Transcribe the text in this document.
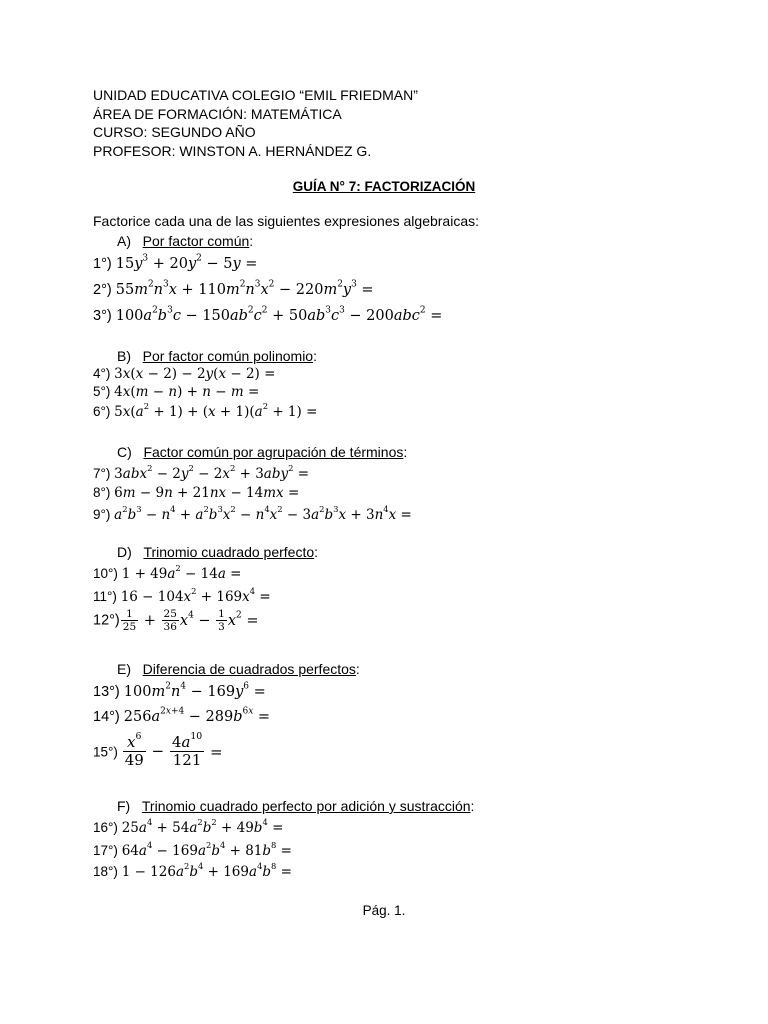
UNIDAD EDUCATIVA COLEGIO “EMIL FRIEDMAN”
ÁREA DE FORMACIÓN: MATEMÁTICA
CURSO: SEGUNDO AÑO
PROFESOR: WINSTON A. HERNÁNDEZ G.
GUÍA N° 7: FACTORIZACIÓN
Factorice cada una de las siguientes expresiones algebraicas:
A) Por factor común:
1°) $15y^3 + 20y^2 - 5y$ =
2°) $55m^2n^3x + 110m^2n^3x^2 - 220m^2y^3$ =
3°) $100a^2b^3c - 150ab^2c^2 + 50ab^3c^3 - 200abc^2$ =
B) Por factor común polinomio:
4°) 3x(x − 2) − 2y(x − 2) =
5°) 4x(m − n) + n − m =
6°) $5x(a^2 + 1) + (x + 1)(a^2 + 1)$ =
C) Factor común por agrupación de términos:
7°) $3abx^2 - 2y^2 - 2x^2 + 3aby^2$ =
8°) 6m − 9n + 21nx − 14mx =
9°) $a^2b^3 - n^4 + a^2b^3x^2 - n^4x^2 - 3a^2b^3x + 3n^4x$ =
D) Trinomio cuadrado perfecto:
10°) $1 + 49a^2 - 14a$ =
11°) $16 - 104x^2 + 169x^4$ =
$12^\circ) \frac{1}{25} + \frac{25}{36} x^4 - \frac{1}{3} x^2$ =
E) Diferencia de cuadrados perfectos:
13°) $100m^2n^4 - 169y^6$ =
14°) $256a^{2x+4} - 289b^{6x}$ =
$15^\circ) \frac{x^6}{49} - \frac{4a^{10}}{121}$ =
F) Trinomio cuadrado perfecto por adición y sustracción:
16°) $25a^4 + 54a^2b^2 + 49b^4$ =
17°) $64a^4 - 169a^2b^4 + 81b^8$ =
18°) $1 - 126a^2b^4 + 169a^4b^8$ =
Pág. 1.
